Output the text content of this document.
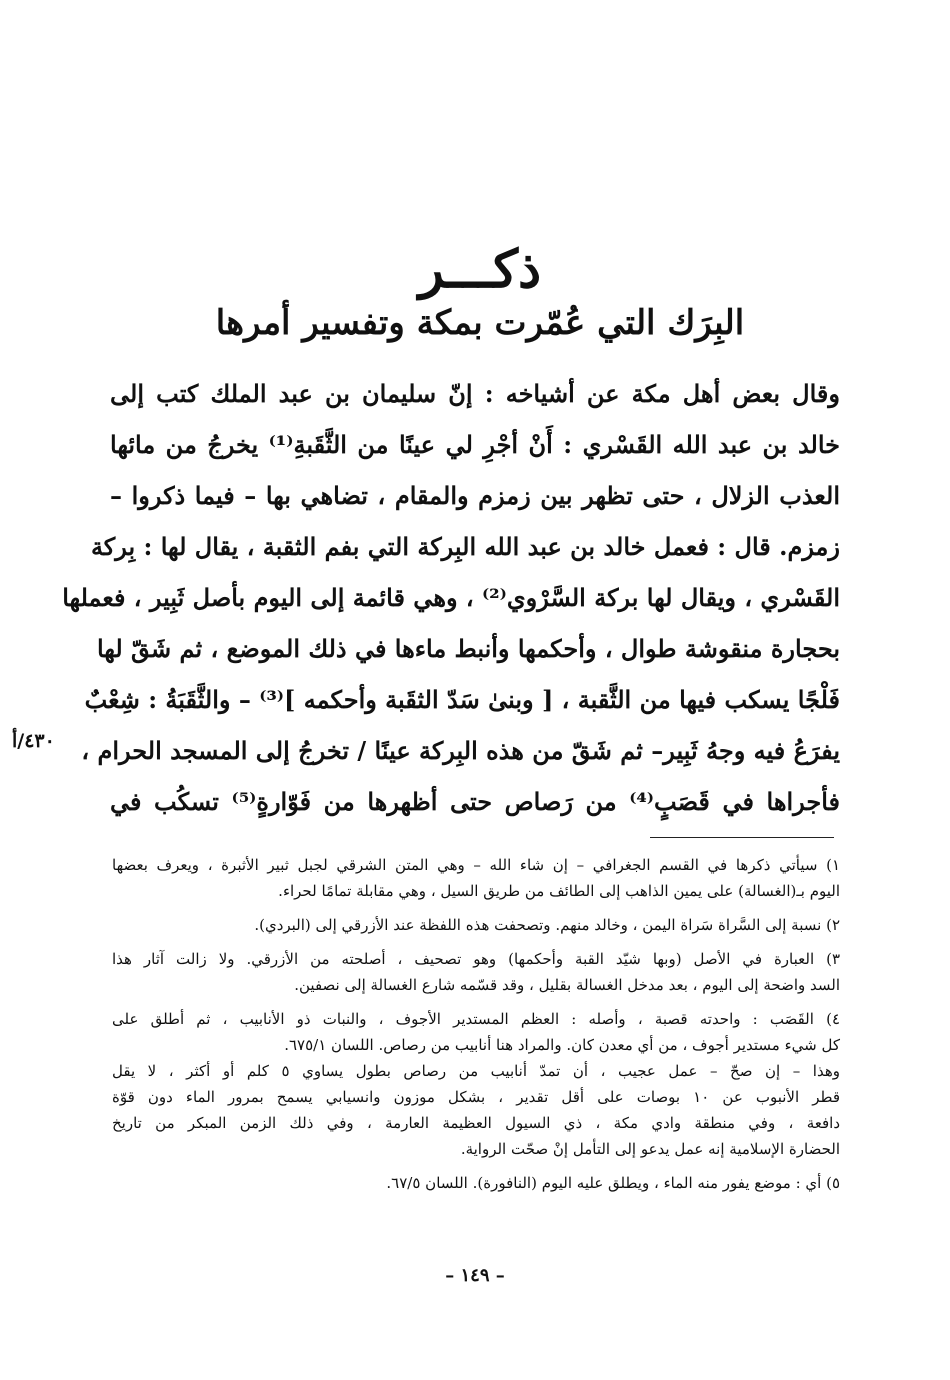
ذكـــر
البِرَك التي عُمّرت بمكة وتفسير أمرها
وقال بعض أهل مكة عن أشياخه : إنّ سليمان بن عبد الملك كتب إلى
خالد بن عبد الله القَسْري : أَنْ أجْرِ لي عينًا من الثَّقَبةِ⁽¹⁾ يخرجُ من مائها
العذب الزلال ، حتى تظهر بين زمزم والمقام ، تضاهي بها – فيما ذكروا –
زمزم. قال : فعمل خالد بن عبد الله البِركة التي بفم الثقبة ، يقال لها : بِركة
القَسْري ، ويقال لها بركة السَّرْوي⁽²⁾ ، وهي قائمة إلى اليوم بأصل ثَبِير ، فعملها
بحجارة منقوشة طوال ، وأحكمها وأنبط ماءها في ذلك الموضع ، ثم شَقّ لها
فَلْجًا يسكب فيها من الثَّقبة ، [ وبنىٰ سَدّ الثقَبة وأحكمه ]⁽³⁾ – والثَّقَبَةُ : شِعْبٌ
يفرَعُ فيه وجهُ ثَبِير– ثم شَقّ من هذه البِركة عينًا / تخرجُ إلى المسجد الحرام ،
فأجراها في قَصَبٍ⁽⁴⁾ من رَصاص حتى أظهرها من فَوّارةٍ⁽⁵⁾ تسكُب في
٤٣٠/أ
١) سيأتي ذكرها في القسم الجغرافي – إن شاء الله – وهي المتن الشرقي لجبل ثبير الأثبرة ، ويعرف بعضها
اليوم بـ(الغسالة) على يمين الذاهب إلى الطائف من طريق السيل ، وهي مقابلة تمامًا لحراء.
٢) نسبة إلى السَّراة سَراة اليمن ، وخالد منهم. وتصحفت هذه اللفظة عند الأزرقي إلى (البردي).
٣) العبارة في الأصل (وبها شيّد القبة وأحكمها) وهو تصحيف ، أصلحته من الأزرقي. ولا زالت آثار هذا
السد واضحة إلى اليوم ، بعد مدخل الغسالة بقليل ، وقد قسّمه شارع الغسالة إلى نصفين.
٤) القَصَب : واحدته قصبة ، وأصله : العظم المستدير الأجوف ، والنبات ذو الأنابيب ، ثم أطلق على
كل شيء مستدير أجوف ، من أي معدن كان. والمراد هنا أنابيب من رصاص. اللسان ٦٧٥/١.
وهذا – إن صحّ – عمل عجيب ، أن تمدّ أنابيب من رصاص بطول يساوي ٥ كلم أو أكثر ، لا يقل
قطر الأنبوب عن ١٠ بوصات على أقل تقدير ، بشكل موزون وانسيابي يسمح بمرور الماء دون قوّة
دافعة ، وفي منطقة وادي مكة ، ذي السيول العظيمة العارمة ، وفي ذلك الزمن المبكر من تاريخ
الحضارة الإسلامية إنه عمل يدعو إلى التأمل إنْ صحّت الرواية.
٥) أي : موضع يفور منه الماء ، ويطلق عليه اليوم (النافورة). اللسان ٦٧/٥.
– ١٤٩ –
